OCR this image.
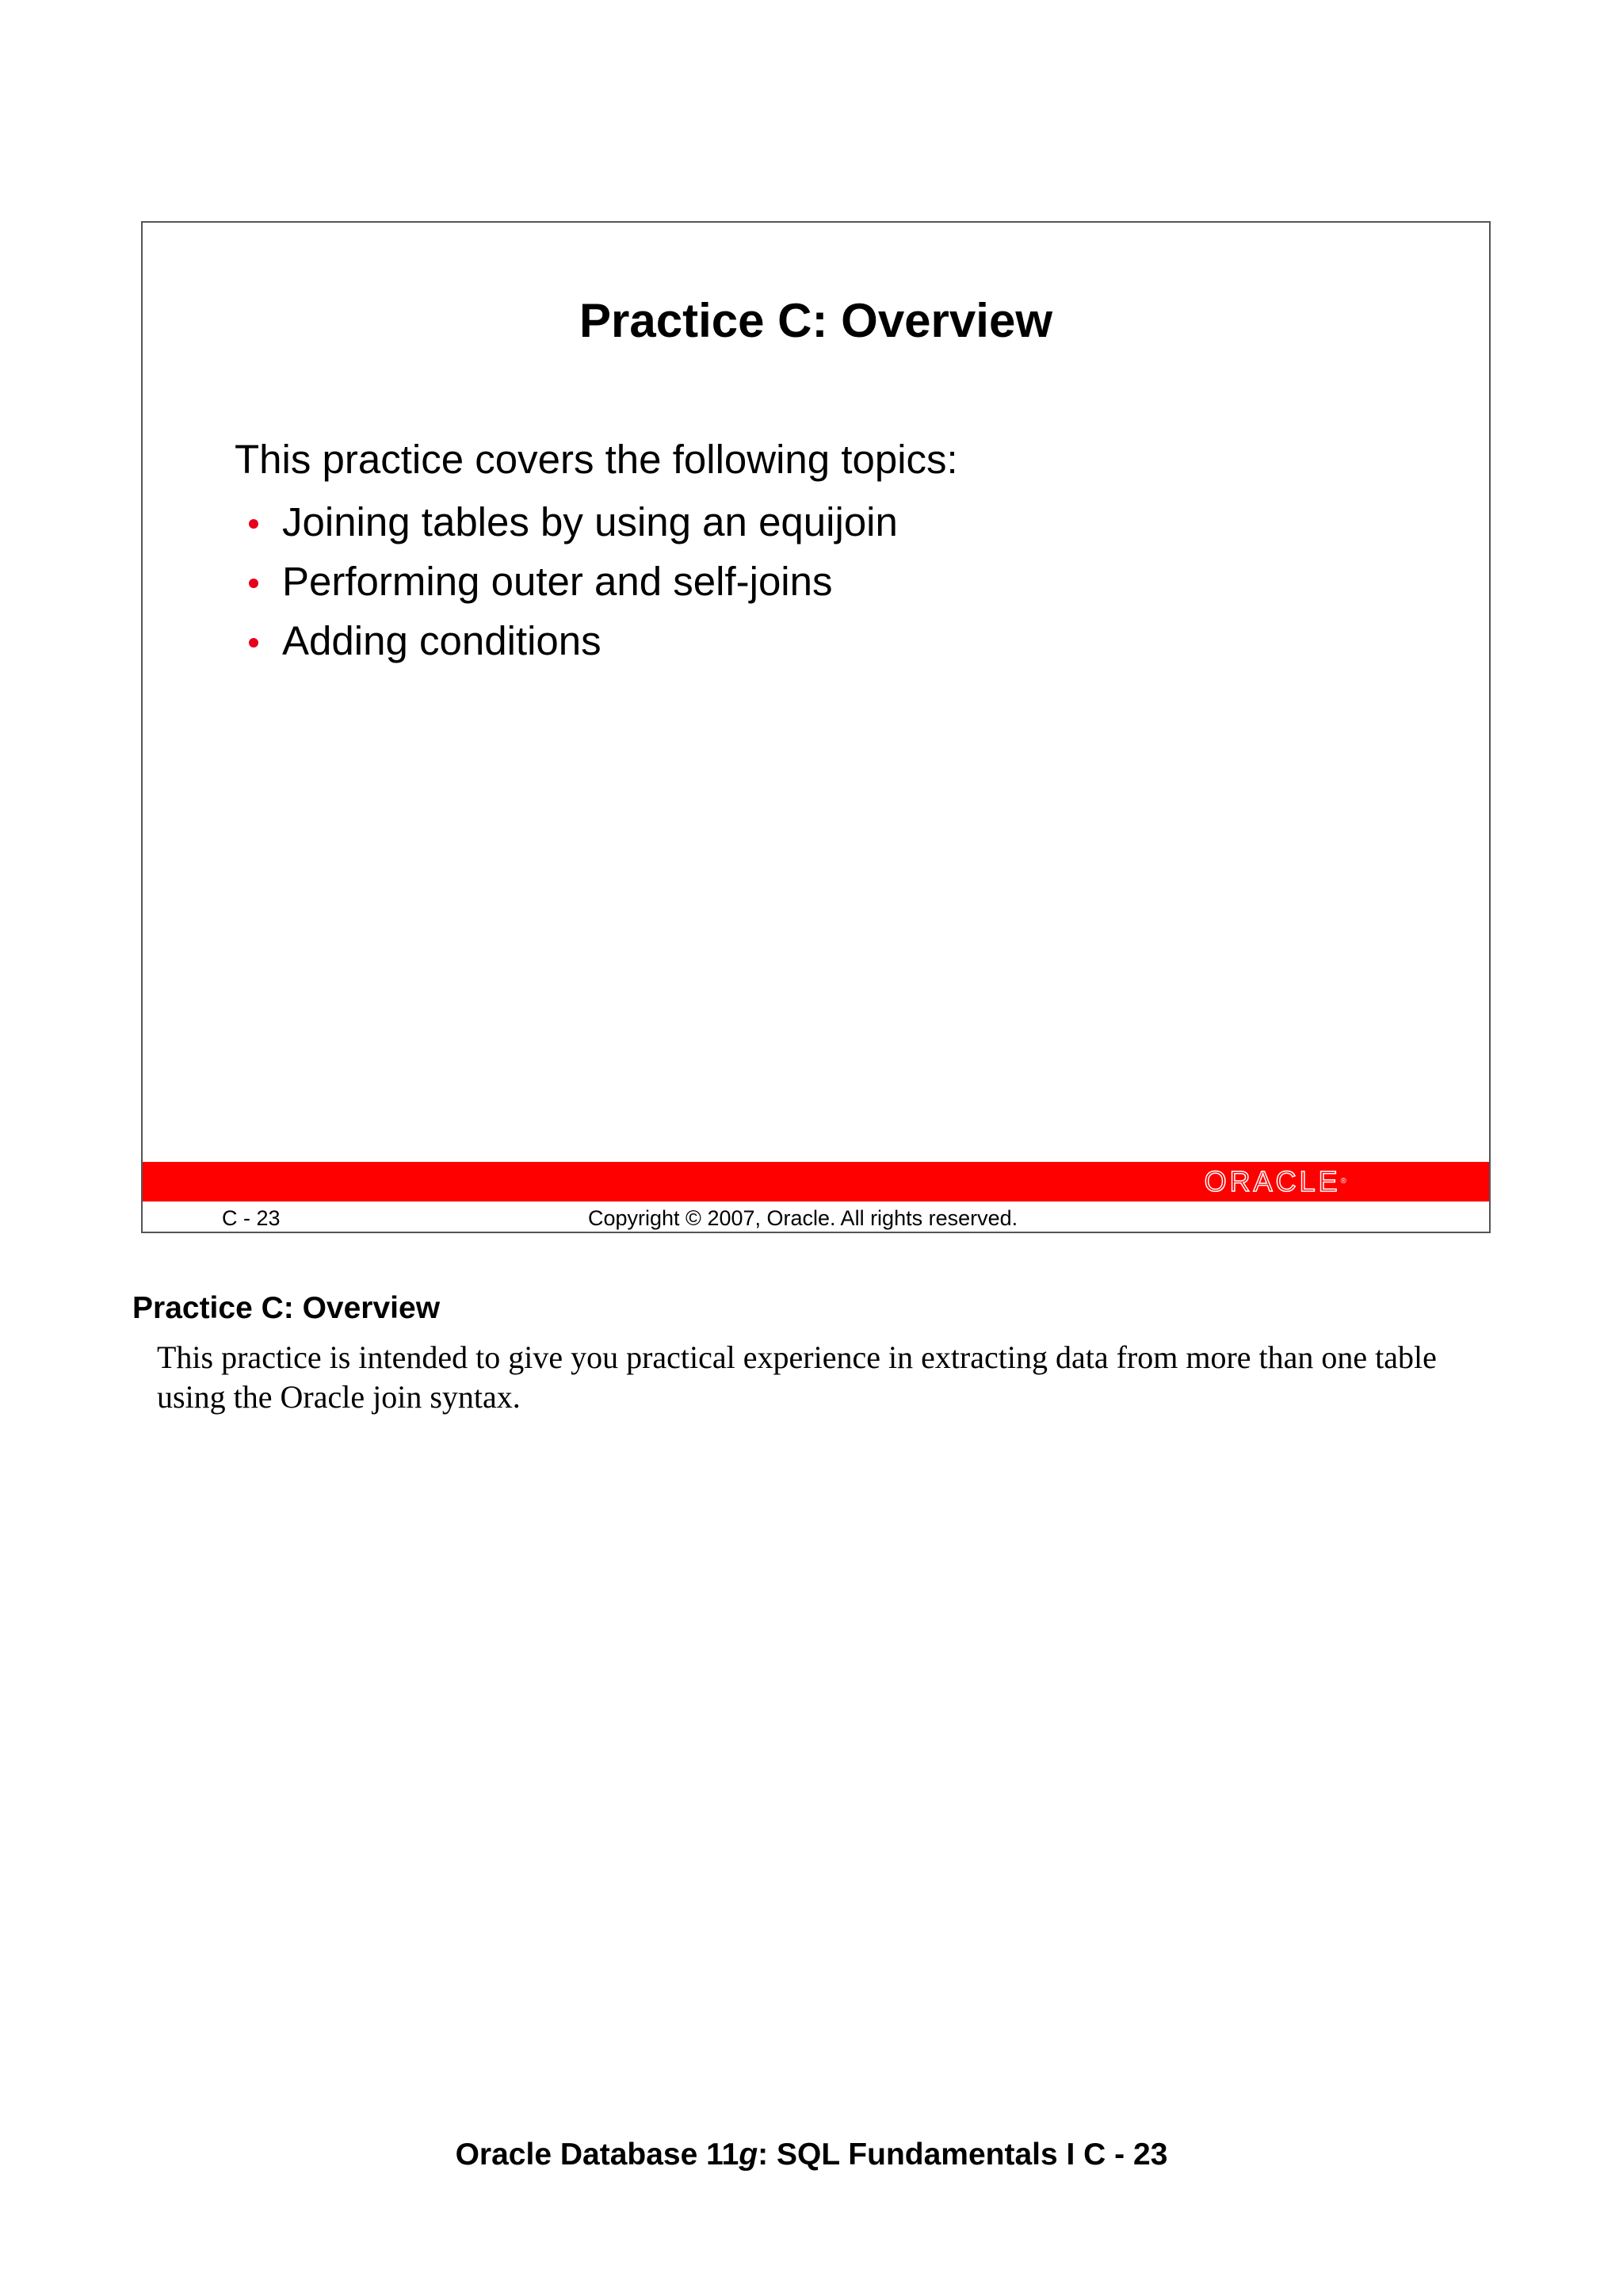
Practice C: Overview
This practice covers the following topics:
Joining tables by using an equijoin
Performing outer and self-joins
Adding conditions
ORACLE®
C - 23	Copyright © 2007, Oracle. All rights reserved.
Practice C: Overview
This practice is intended to give you practical experience in extracting data from more than one table using the Oracle join syntax.
Oracle Database 11g: SQL Fundamentals I C - 23
